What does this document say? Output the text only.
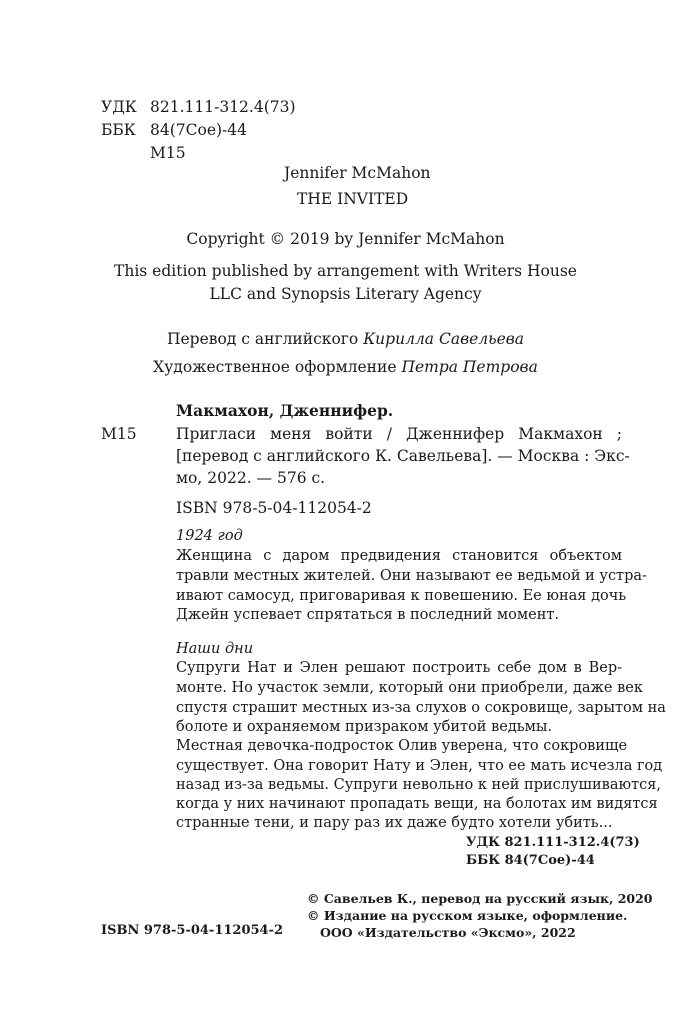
УДК 821.111-312.4(73)
ББК 84(7Сое)-44
М15
Jennifer McMahon
THE INVITED
Copyright © 2019 by Jennifer McMahon
This edition published by arrangement with Writers House
LLC and Synopsis Literary Agency
Перевод с английского Кирилла Савельева
Художественное оформление Петра Петрова
Макмахон, Дженнифер.
М15	Пригласи меня войти / Дженнифер Макмахон ;
[перевод с английского К. Савельева]. — Москва : Экс-
мо, 2022. — 576 с.
ISBN 978-5-04-112054-2
1924 год
Женщина с даром предвидения становится объектом
травли местных жителей. Они называют ее ведьмой и устра-
ивают самосуд, приговаривая к повешению. Ее юная дочь
Джейн успевает спрятаться в последний момент.
Наши дни
Супруги Нат и Элен решают построить себе дом в Вер-
монте. Но участок земли, который они приобрели, даже век
спустя страшит местных из-за слухов о сокровище, зарытом на
болоте и охраняемом призраком убитой ведьмы.
Местная девочка-подросток Олив уверена, что сокровище
существует. Она говорит Нату и Элен, что ее мать исчезла год
назад из-за ведьмы. Супруги невольно к ней прислушиваются,
когда у них начинают пропадать вещи, на болотах им видятся
странные тени, и пару раз их даже будто хотели убить...
УДК 821.111-312.4(73)
ББК 84(7Сое)-44
ISBN 978-5-04-112054-2
© Савельев К., перевод на русский язык, 2020
© Издание на русском языке, оформление.
ООО «Издательство «Эксмо», 2022
